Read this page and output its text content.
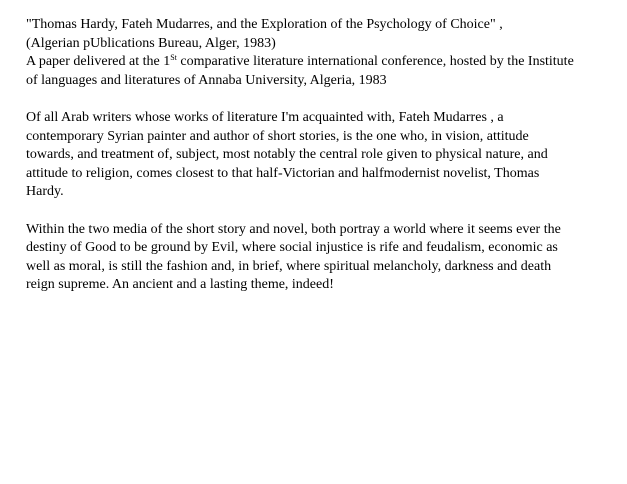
"Thomas Hardy, Fateh Mudarres, and the Exploration of the Psychology of Choice" ,
(Algerian pUblications Bureau, Alger, 1983)
A paper delivered at the 1St comparative literature international conference, hosted by the Institute
of languages and literatures of Annaba University, Algeria, 1983
Of all Arab writers whose works of literature I'm acquainted with, Fateh Mudarres , a
contemporary Syrian painter and author of short stories, is the one who, in vision, attitude
towards, and treatment of, subject, most notably the central role given to physical nature, and
attitude to religion, comes closest to that half-Victorian and halfmodernist novelist, Thomas
Hardy.
Within the two media of the short story and novel, both portray a world where it seems ever the
destiny of Good to be ground by Evil, where social injustice is rife and feudalism, economic as
well as moral, is still the fashion and, in brief, where spiritual melancholy, darkness and death
reign supreme. An ancient and a lasting theme, indeed!
